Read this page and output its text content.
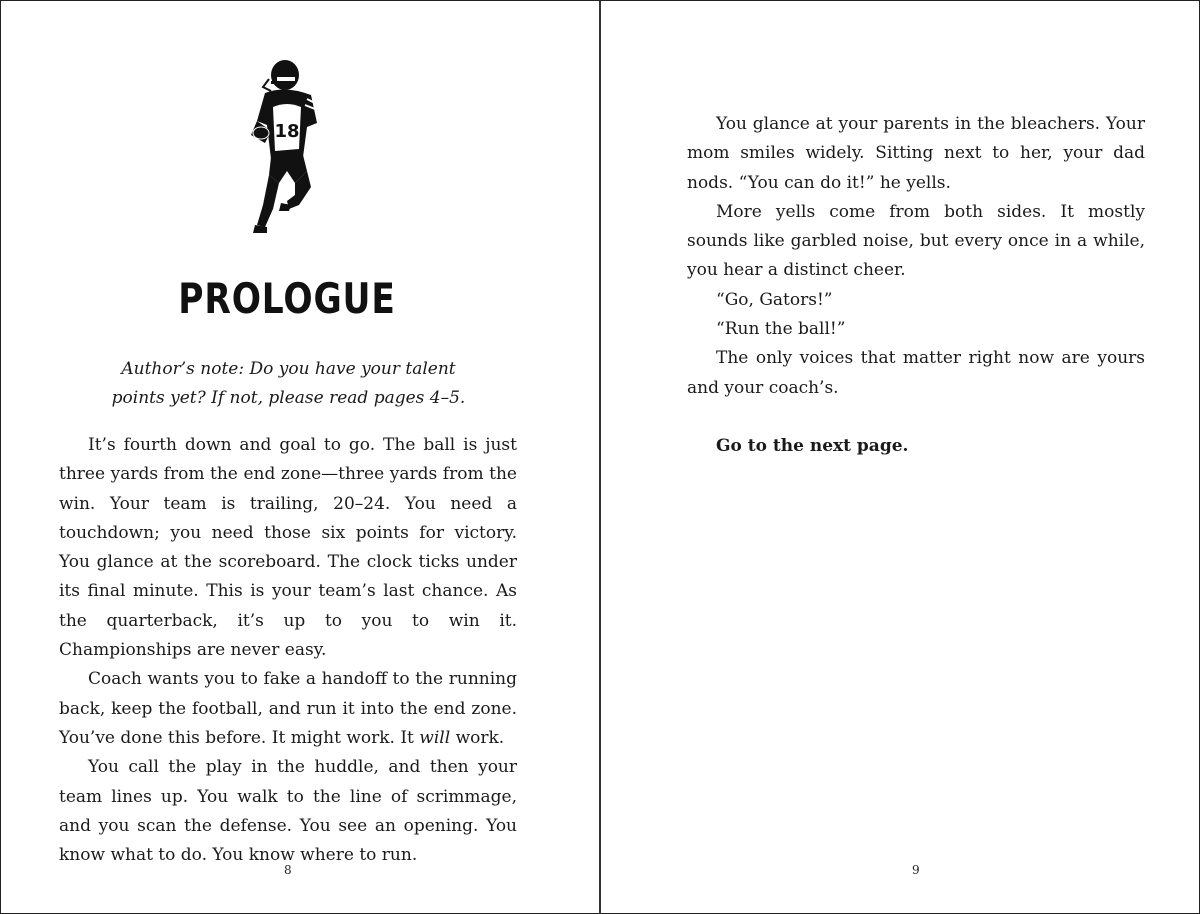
18
PROLOGUE
Author’s note: Do you have your talent
points yet? If not, please read pages 4–5.

It’s fourth down and goal to go. The ball is just three yards from the end zone—three yards from the win. Your team is trailing, 20–24. You need a touchdown; you need those six points for victory. You glance at the scoreboard. The clock ticks under its final minute. This is your team’s last chance. As the quarterback, it’s up to you to win it. Championships are never easy.

Coach wants you to fake a handoff to the running back, keep the football, and run it into the end zone. You’ve done this before. It might work. It will work.

You call the play in the huddle, and then your team lines up. You walk to the line of scrimmage, and you scan the defense. You see an opening. You know what to do. You know where to run.

8

You glance at your parents in the bleachers. Your mom smiles widely. Sitting next to her, your dad nods. “You can do it!” he yells.

More yells come from both sides. It mostly sounds like garbled noise, but every once in a while, you hear a distinct cheer.

“Go, Gators!”

“Run the ball!”

The only voices that matter right now are yours and your coach’s.

Go to the next page.

9
